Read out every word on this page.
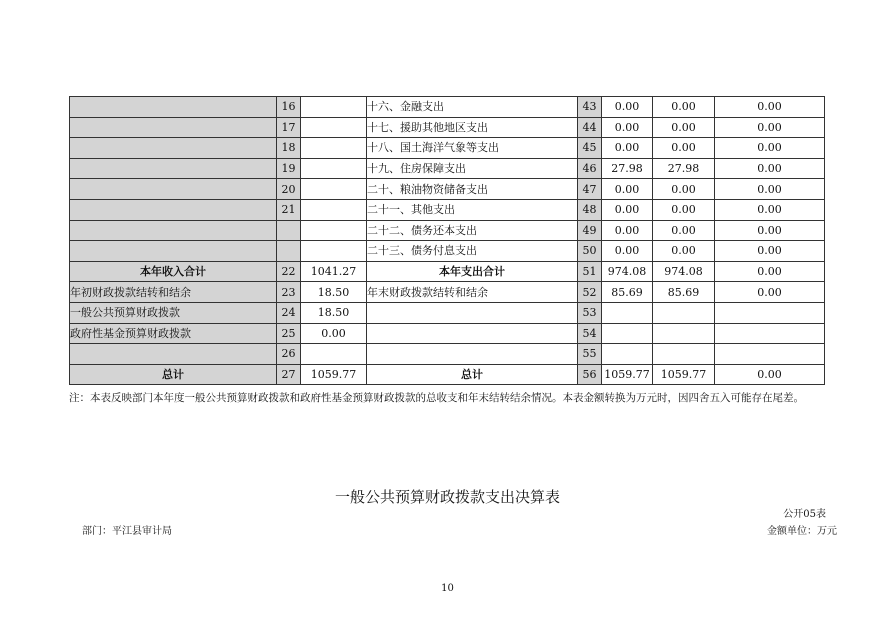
	16		十六、金融支出	43	0.00	0.00	0.00
	17		十七、援助其他地区支出	44	0.00	0.00	0.00
	18		十八、国土海洋气象等支出	45	0.00	0.00	0.00
	19		十九、住房保障支出	46	27.98	27.98	0.00
	20		二十、粮油物资储备支出	47	0.00	0.00	0.00
	21		二十一、其他支出	48	0.00	0.00	0.00
			二十二、债务还本支出	49	0.00	0.00	0.00
			二十三、债务付息支出	50	0.00	0.00	0.00
本年收入合计	22	1041.27	本年支出合计	51	974.08	974.08	0.00
年初财政拨款结转和结余	23	18.50	年末财政拨款结转和结余	52	85.69	85.69	0.00
一般公共预算财政拨款	24	18.50		53			
政府性基金预算财政拨款	25	0.00		54			
	26			55			
总计	27	1059.77	总计	56	1059.77	1059.77	0.00
注：本表反映部门本年度一般公共预算财政拨款和政府性基金预算财政拨款的总收支和年末结转结余情况。本表金额转换为万元时，因四舍五入可能存在尾差。
一般公共预算财政拨款支出决算表
公开05表
部门：平江县审计局	金额单位：万元
10
